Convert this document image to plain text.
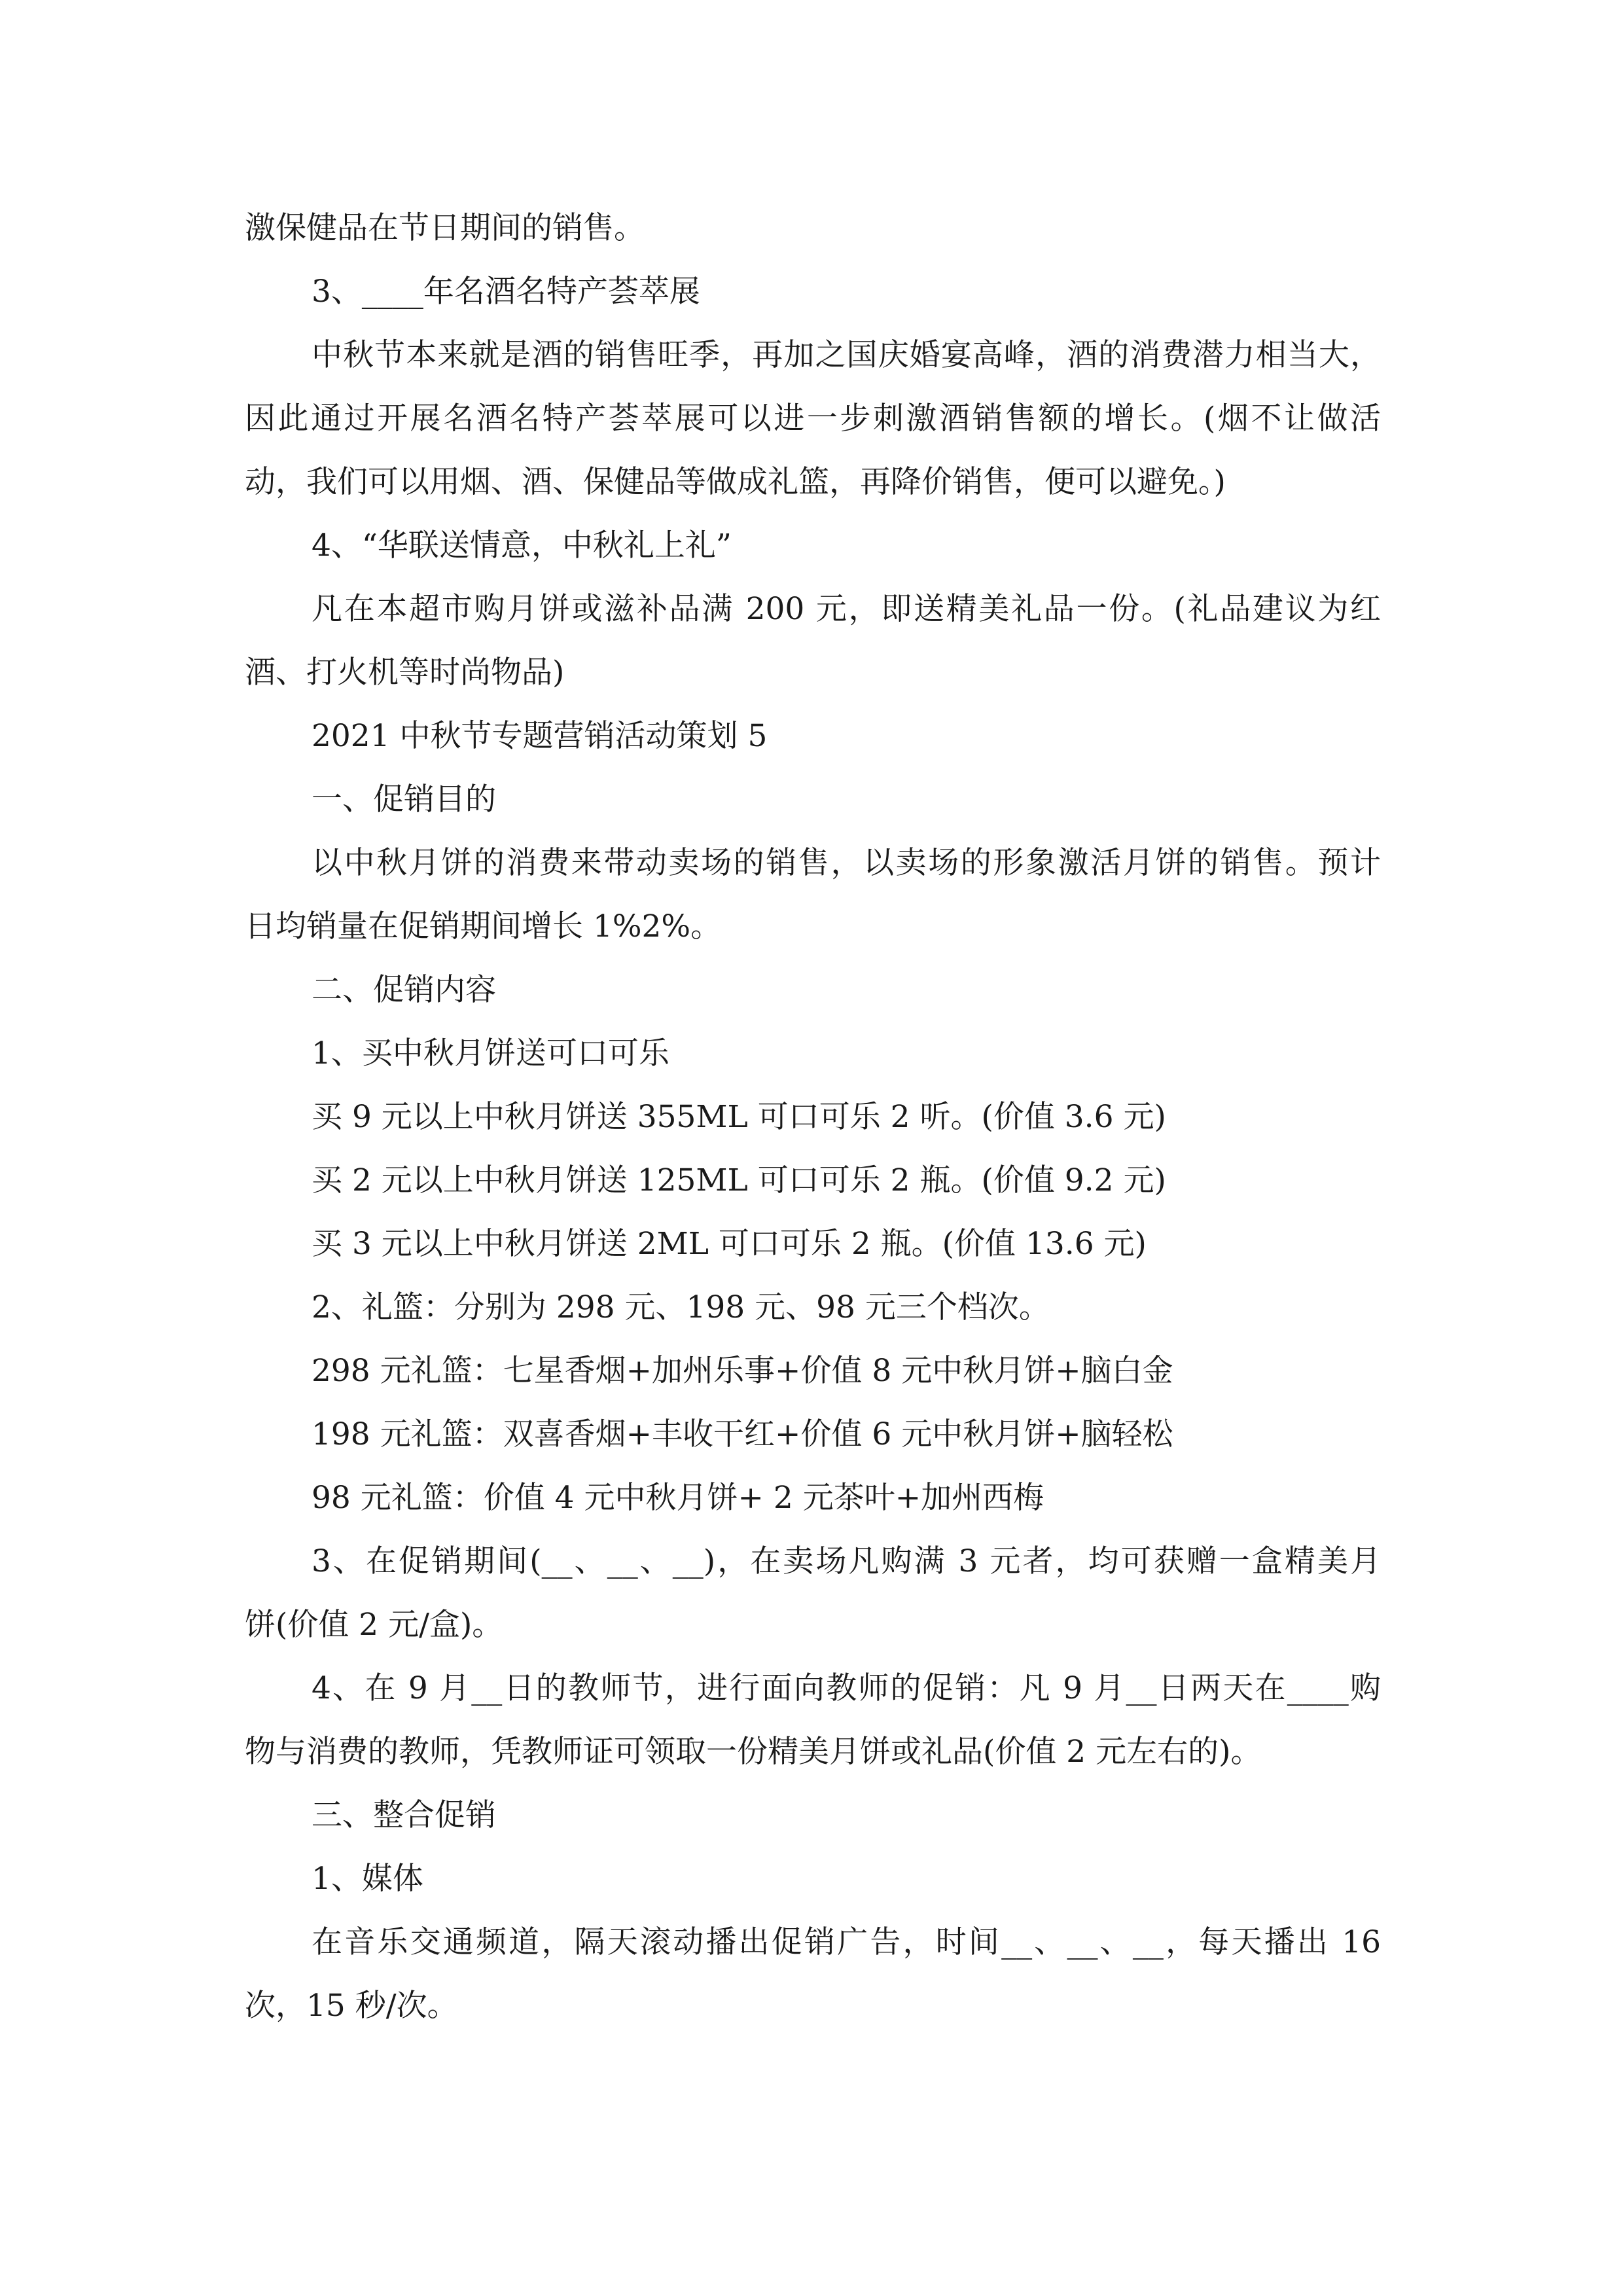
激保健品在节日期间的销售。
3、____年名酒名特产荟萃展
中秋节本来就是酒的销售旺季，再加之国庆婚宴高峰，酒的消费潜力相当大，
因此通过开展名酒名特产荟萃展可以进一步刺激酒销售额的增长。(烟不让做活
动，我们可以用烟、酒、保健品等做成礼篮，再降价销售，便可以避免。)
4、“华联送情意，中秋礼上礼”
凡在本超市购月饼或滋补品满 200 元，即送精美礼品一份。(礼品建议为红
酒、打火机等时尚物品)
2021 中秋节专题营销活动策划 5
一、促销目的
以中秋月饼的消费来带动卖场的销售，以卖场的形象激活月饼的销售。预计
日均销量在促销期间增长 1%2%。
二、促销内容
1、买中秋月饼送可口可乐
买 9 元以上中秋月饼送 355ML 可口可乐 2 听。(价值 3.6 元)
买 2 元以上中秋月饼送 125ML 可口可乐 2 瓶。(价值 9.2 元)
买 3 元以上中秋月饼送 2ML 可口可乐 2 瓶。(价值 13.6 元)
2、礼篮：分别为 298 元、198 元、98 元三个档次。
298 元礼篮：七星香烟+加州乐事+价值 8 元中秋月饼+脑白金
198 元礼篮：双喜香烟+丰收干红+价值 6 元中秋月饼+脑轻松
98 元礼篮：价值 4 元中秋月饼+ 2 元茶叶+加州西梅
3、在促销期间(__、__、__)，在卖场凡购满 3 元者，均可获赠一盒精美月
饼(价值 2 元/盒)。
4、在 9 月__日的教师节，进行面向教师的促销：凡 9 月__日两天在____购
物与消费的教师，凭教师证可领取一份精美月饼或礼品(价值 2 元左右的)。
三、整合促销
1、媒体
在音乐交通频道，隔天滚动播出促销广告，时间__、__、__，每天播出 16
次，15 秒/次。
